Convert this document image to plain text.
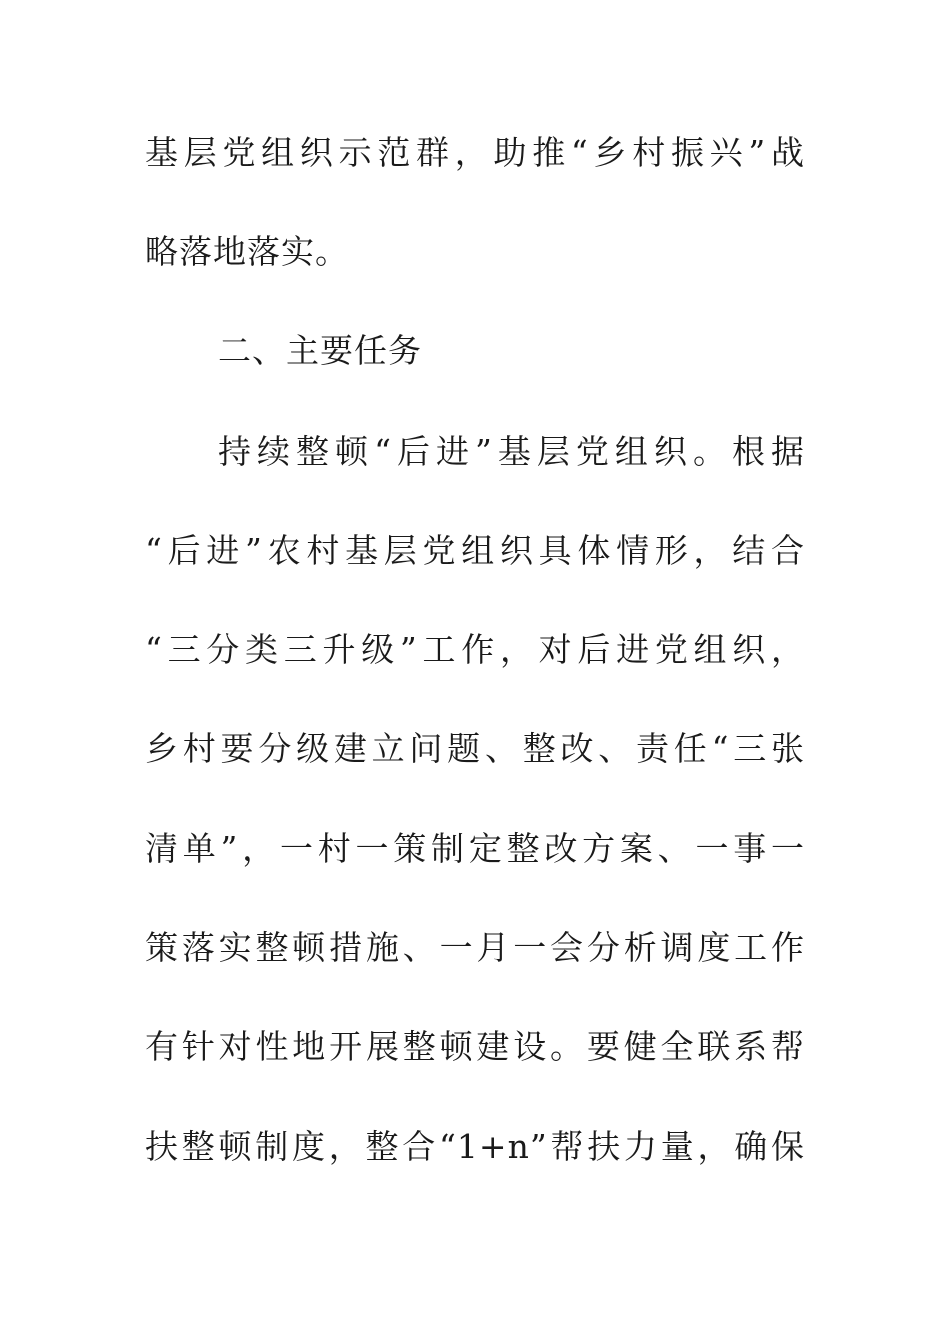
基层党组织示范群，助推“乡村振兴”战
略落地落实。
二、主要任务
持续整顿“后进”基层党组织。根据
“后进”农村基层党组织具体情形，结合
“三分类三升级”工作，对后进党组织，
乡村要分级建立问题、整改、责任“三张
清单”，一村一策制定整改方案、一事一
策落实整顿措施、一月一会分析调度工作
有针对性地开展整顿建设。要健全联系帮
扶整顿制度，整合“1+n”帮扶力量，确保
